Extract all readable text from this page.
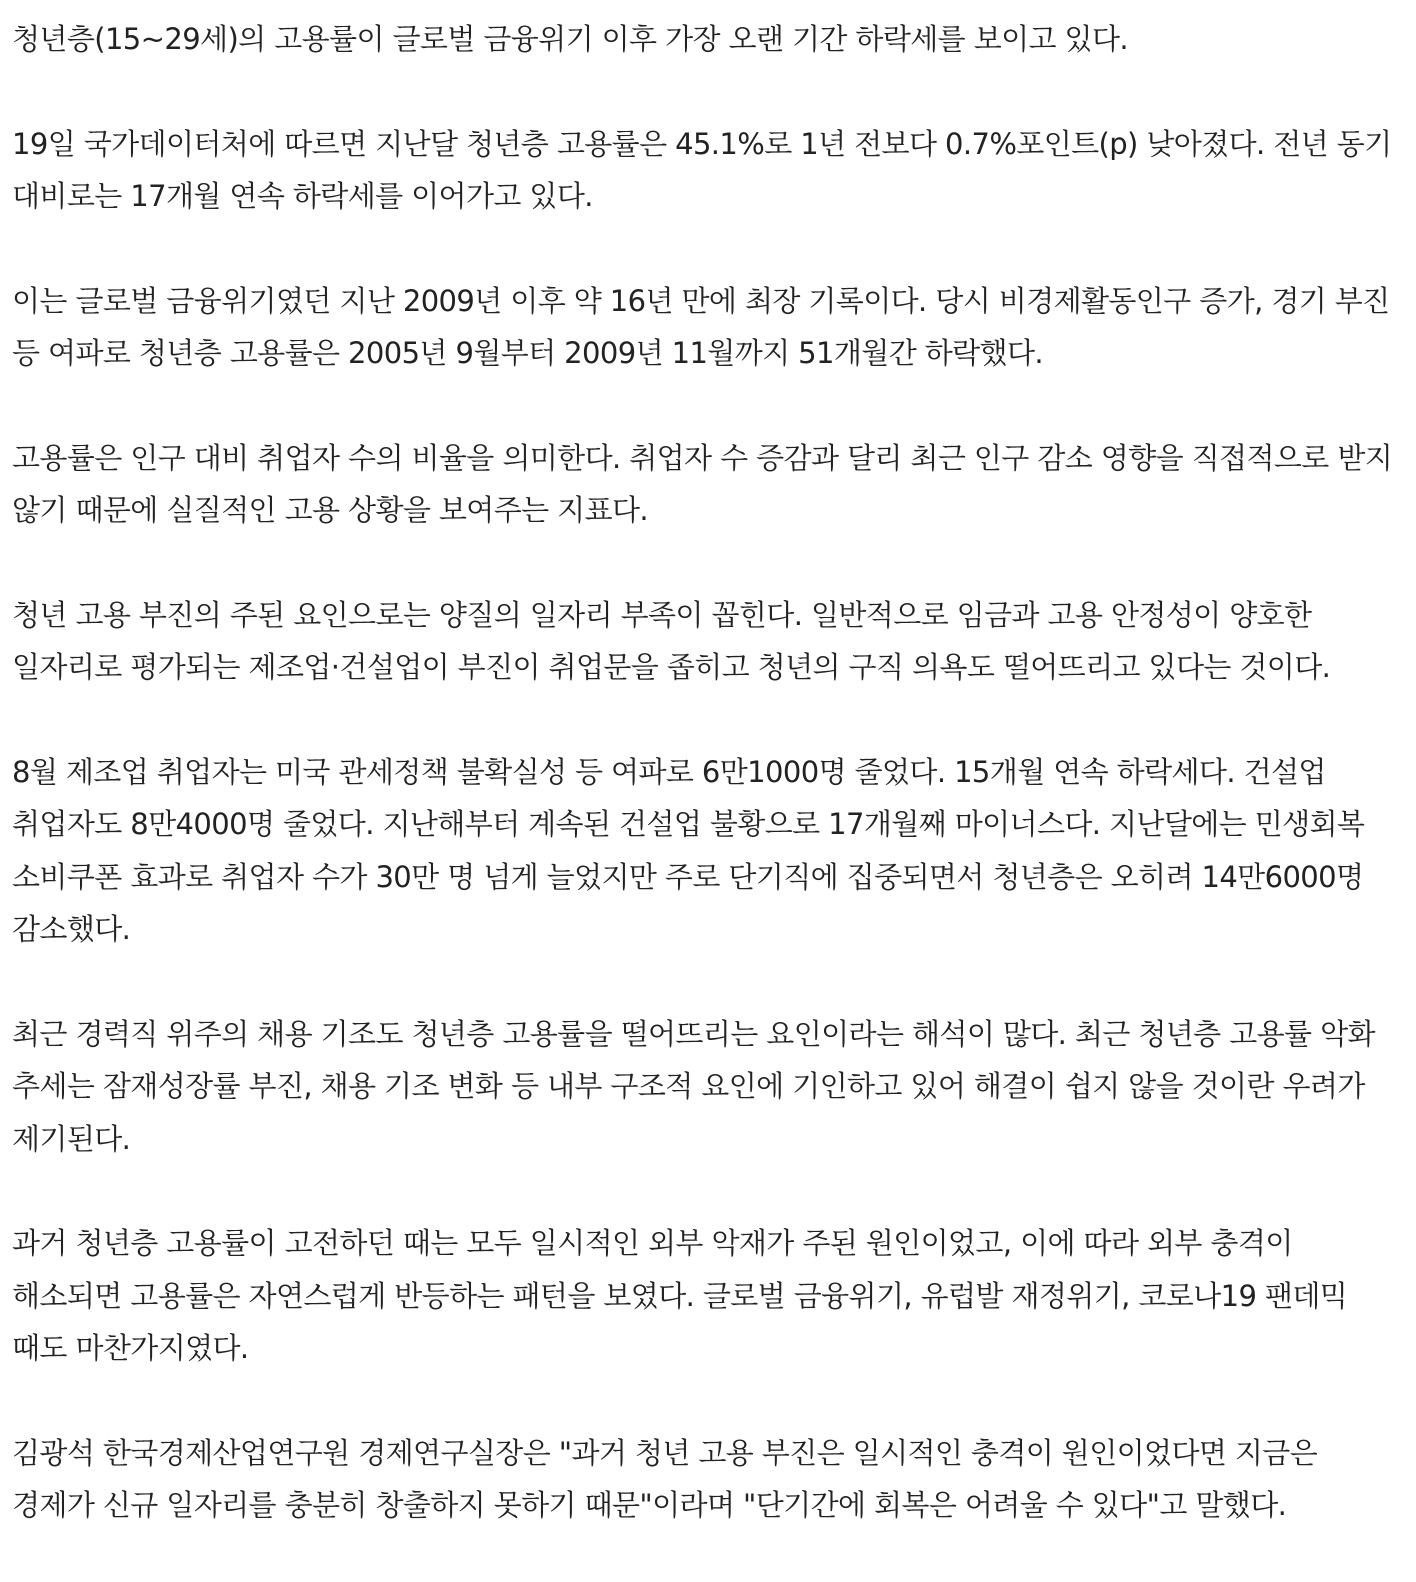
청년층(15~29세)의 고용률이 글로벌 금융위기 이후 가장 오랜 기간 하락세를 보이고 있다.

19일 국가데이터처에 따르면 지난달 청년층 고용률은 45.1%로 1년 전보다 0.7%포인트(p) 낮아졌다. 전년 동기 대비로는 17개월 연속 하락세를 이어가고 있다.

이는 글로벌 금융위기였던 지난 2009년 이후 약 16년 만에 최장 기록이다. 당시 비경제활동인구 증가, 경기 부진 등 여파로 청년층 고용률은 2005년 9월부터 2009년 11월까지 51개월간 하락했다.

고용률은 인구 대비 취업자 수의 비율을 의미한다. 취업자 수 증감과 달리 최근 인구 감소 영향을 직접적으로 받지 않기 때문에 실질적인 고용 상황을 보여주는 지표다.

청년 고용 부진의 주된 요인으로는 양질의 일자리 부족이 꼽힌다. 일반적으로 임금과 고용 안정성이 양호한 일자리로 평가되는 제조업·건설업이 부진이 취업문을 좁히고 청년의 구직 의욕도 떨어뜨리고 있다는 것이다.

8월 제조업 취업자는 미국 관세정책 불확실성 등 여파로 6만1000명 줄었다. 15개월 연속 하락세다. 건설업 취업자도 8만4000명 줄었다. 지난해부터 계속된 건설업 불황으로 17개월째 마이너스다. 지난달에는 민생회복 소비쿠폰 효과로 취업자 수가 30만 명 넘게 늘었지만 주로 단기직에 집중되면서 청년층은 오히려 14만6000명 감소했다.

최근 경력직 위주의 채용 기조도 청년층 고용률을 떨어뜨리는 요인이라는 해석이 많다. 최근 청년층 고용률 악화 추세는 잠재성장률 부진, 채용 기조 변화 등 내부 구조적 요인에 기인하고 있어 해결이 쉽지 않을 것이란 우려가 제기된다.

과거 청년층 고용률이 고전하던 때는 모두 일시적인 외부 악재가 주된 원인이었고, 이에 따라 외부 충격이 해소되면 고용률은 자연스럽게 반등하는 패턴을 보였다. 글로벌 금융위기, 유럽발 재정위기, 코로나19 팬데믹 때도 마찬가지였다.

김광석 한국경제산업연구원 경제연구실장은 "과거 청년 고용 부진은 일시적인 충격이 원인이었다면 지금은 경제가 신규 일자리를 충분히 창출하지 못하기 때문"이라며 "단기간에 회복은 어려울 수 있다"고 말했다.
